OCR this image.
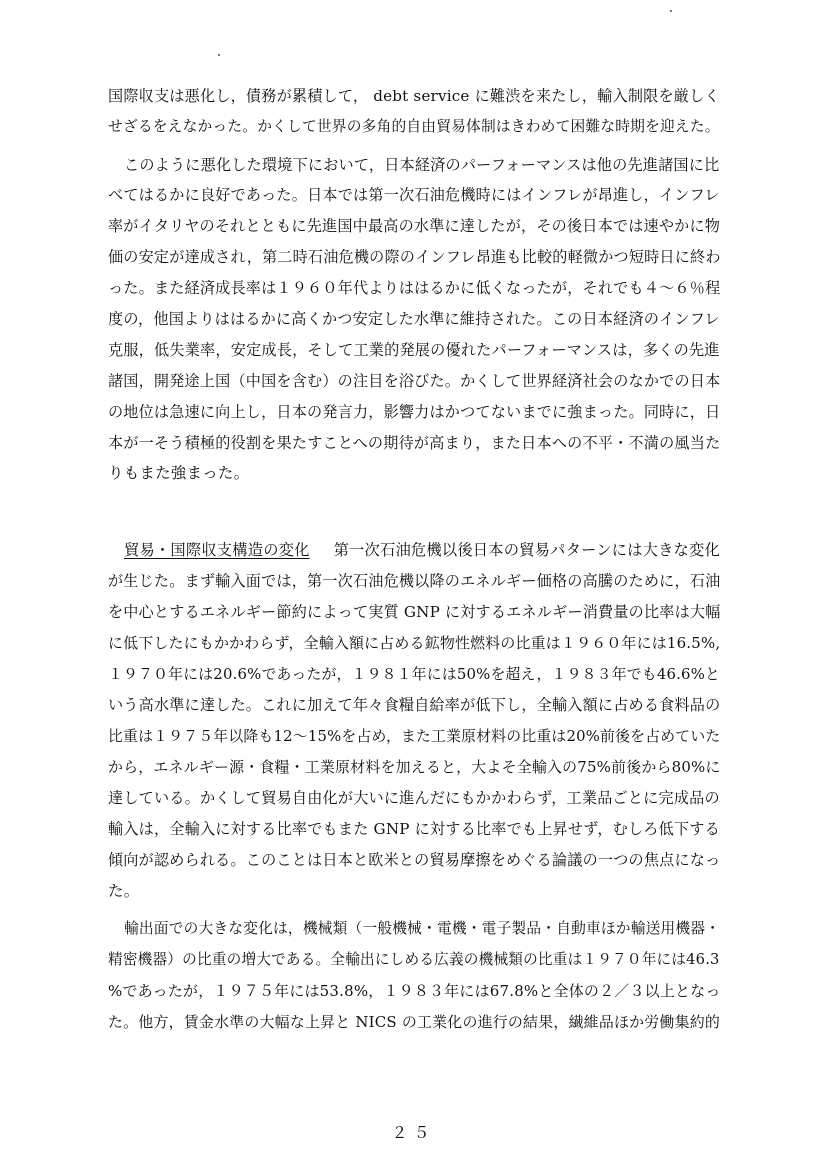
国際収支は悪化し，債務が累積して， debt service に難渋を来たし，輸入制限を厳しく
せざるをえなかった。かくして世界の多角的自由貿易体制はきわめて困難な時期を迎えた。
このように悪化した環境下において，日本経済のパーフォーマンスは他の先進諸国に比
べてはるかに良好であった。日本では第一次石油危機時にはインフレが昂進し，インフレ
率がイタリヤのそれとともに先進国中最高の水準に達したが，その後日本では速やかに物
価の安定が達成され，第二時石油危機の際のインフレ昂進も比較的軽微かつ短時日に終わ
った。また経済成長率は１９６０年代よりははるかに低くなったが，それでも４～６％程
度の，他国よりははるかに高くかつ安定した水準に維持された。この日本経済のインフレ
克服，低失業率，安定成長，そして工業的発展の優れたパーフォーマンスは，多くの先進
諸国，開発途上国（中国を含む）の注目を浴びた。かくして世界経済社会のなかでの日本
の地位は急速に向上し，日本の発言力，影響力はかつてないまでに強まった。同時に，日
本が一そう積極的役割を果たすことへの期待が高まり，また日本への不平・不満の風当た
りもまた強まった。
貿易・国際収支構造の変化 第一次石油危機以後日本の貿易パターンには大きな変化
が生じた。まず輸入面では，第一次石油危機以降のエネルギー価格の高騰のために，石油
を中心とするエネルギー節約によって実質 GNP に対するエネルギー消費量の比率は大幅
に低下したにもかかわらず，全輸入額に占める鉱物性燃料の比重は１９６０年には16.5%,
１９７０年には20.6%であったが，１９８１年には50%を超え，１９８３年でも46.6%と
いう高水準に達した。これに加えて年々食糧自給率が低下し，全輸入額に占める食料品の
比重は１９７５年以降も12～15%を占め，また工業原材料の比重は20%前後を占めていた
から，エネルギー源・食糧・工業原材料を加えると，大よそ全輸入の75%前後から80%に
達している。かくして貿易自由化が大いに進んだにもかかわらず，工業品ごとに完成品の
輸入は，全輸入に対する比率でもまた GNP に対する比率でも上昇せず，むしろ低下する
傾向が認められる。このことは日本と欧米との貿易摩擦をめぐる論議の一つの焦点になっ
た。
輸出面での大きな変化は，機械類（一般機械・電機・電子製品・自動車ほか輸送用機器・
精密機器）の比重の増大である。全輸出にしめる広義の機械類の比重は１９７０年には46.3
%であったが，１９７５年には53.8%，１９８３年には67.8%と全体の２／３以上となっ
た。他方，賃金水準の大幅な上昇と NICS の工業化の進行の結果，繊維品ほか労働集約的
２５
